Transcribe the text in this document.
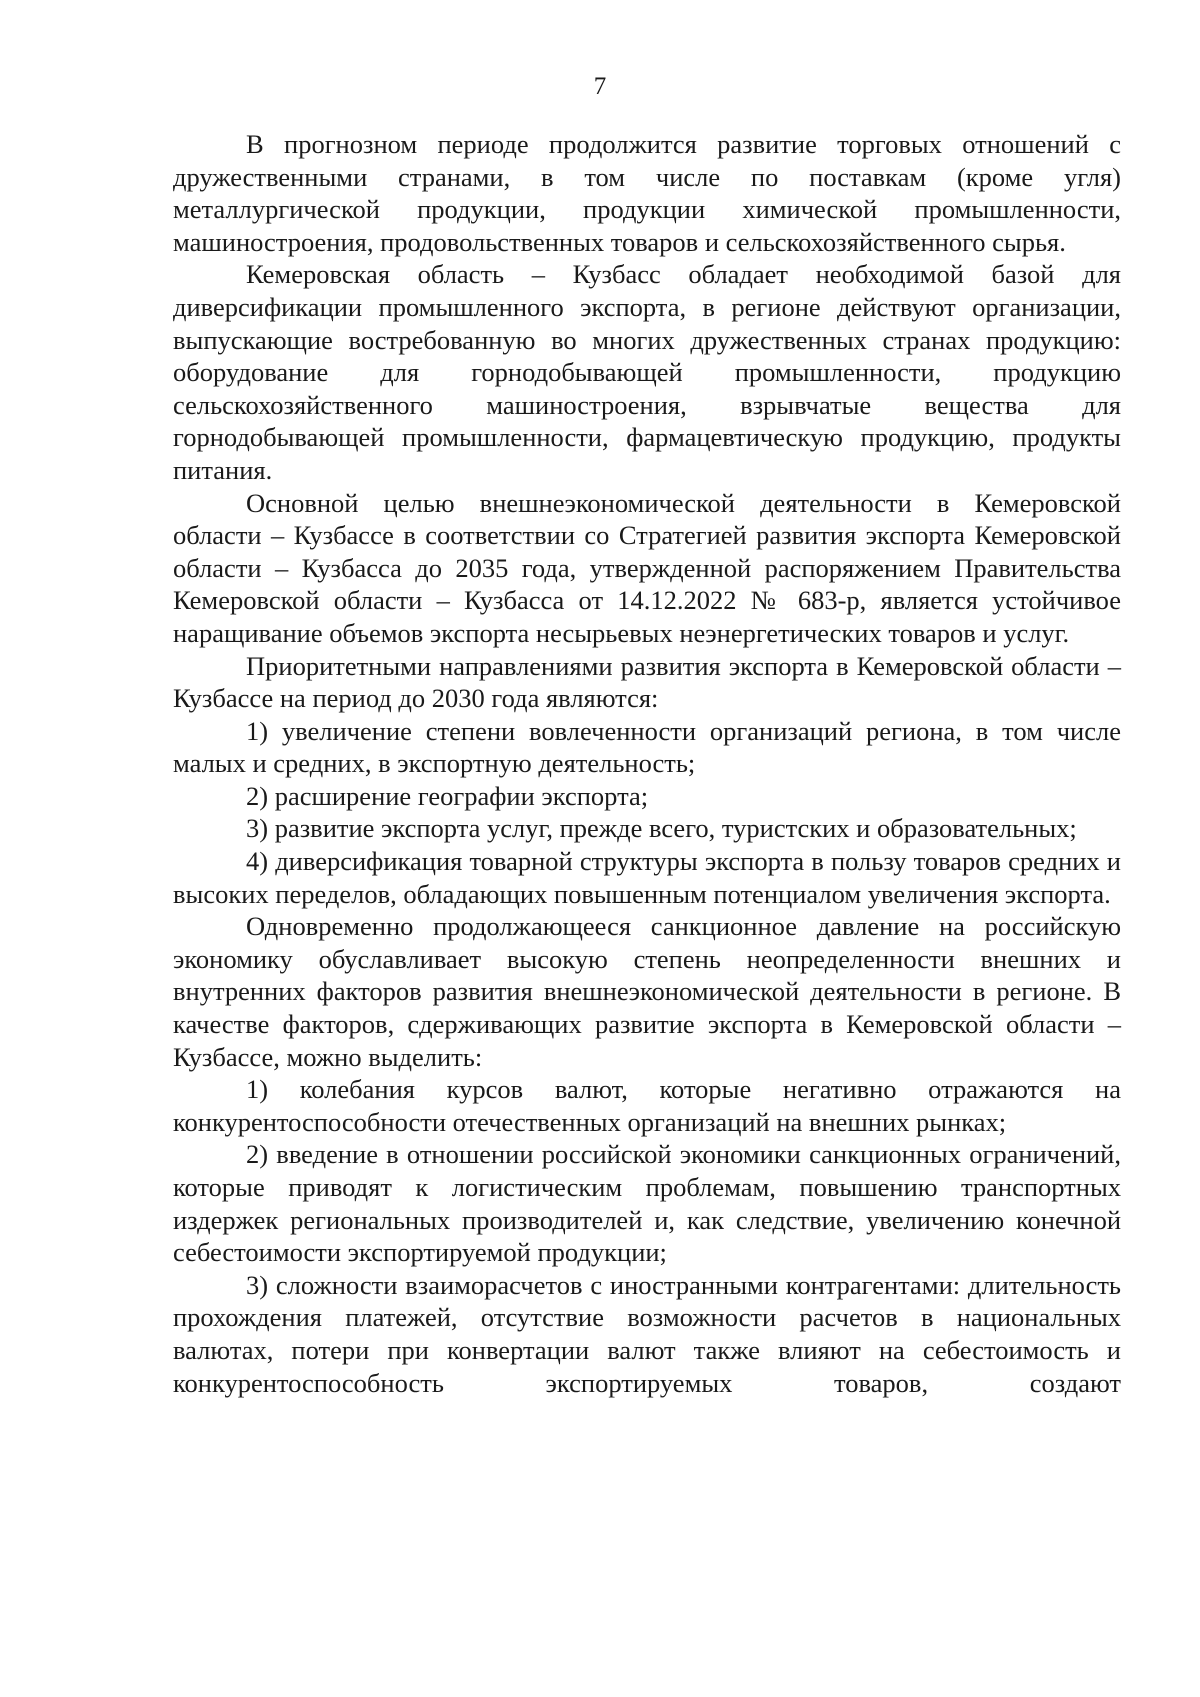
7

В прогнозном периоде продолжится развитие торговых отношений с дружественными странами, в том числе по поставкам (кроме угля) металлургической продукции, продукции химической промышленности, машиностроения, продовольственных товаров и сельскохозяйственного сырья.

Кемеровская область – Кузбасс обладает необходимой базой для диверсификации промышленного экспорта, в регионе действуют организации, выпускающие востребованную во многих дружественных странах продукцию: оборудование для горнодобывающей промышленности, продукцию сельскохозяйственного машиностроения, взрывчатые вещества для горнодобывающей промышленности, фармацевтическую продукцию, продукты питания.

Основной целью внешнеэкономической деятельности в Кемеровской области – Кузбассе в соответствии со Стратегией развития экспорта Кемеровской области – Кузбасса до 2035 года, утвержденной распоряжением Правительства Кемеровской области – Кузбасса от 14.12.2022 № 683-р, является устойчивое наращивание объемов экспорта несырьевых неэнергетических товаров и услуг.

Приоритетными направлениями развития экспорта в Кемеровской области – Кузбассе на период до 2030 года являются:

1) увеличение степени вовлеченности организаций региона, в том числе малых и средних, в экспортную деятельность;

2) расширение географии экспорта;

3) развитие экспорта услуг, прежде всего, туристских и образовательных;

4) диверсификация товарной структуры экспорта в пользу товаров средних и высоких переделов, обладающих повышенным потенциалом увеличения экспорта.

Одновременно продолжающееся санкционное давление на российскую экономику обуславливает высокую степень неопределенности внешних и внутренних факторов развития внешнеэкономической деятельности в регионе. В качестве факторов, сдерживающих развитие экспорта в Кемеровской области – Кузбассе, можно выделить:

1) колебания курсов валют, которые негативно отражаются на конкурентоспособности отечественных организаций на внешних рынках;

2) введение в отношении российской экономики санкционных ограничений, которые приводят к логистическим проблемам, повышению транспортных издержек региональных производителей и, как следствие, увеличению конечной себестоимости экспортируемой продукции;

3) сложности взаиморасчетов с иностранными контрагентами: длительность прохождения платежей, отсутствие возможности расчетов в национальных валютах, потери при конвертации валют также влияют на себестоимость и конкурентоспособность экспортируемых товаров, создают
